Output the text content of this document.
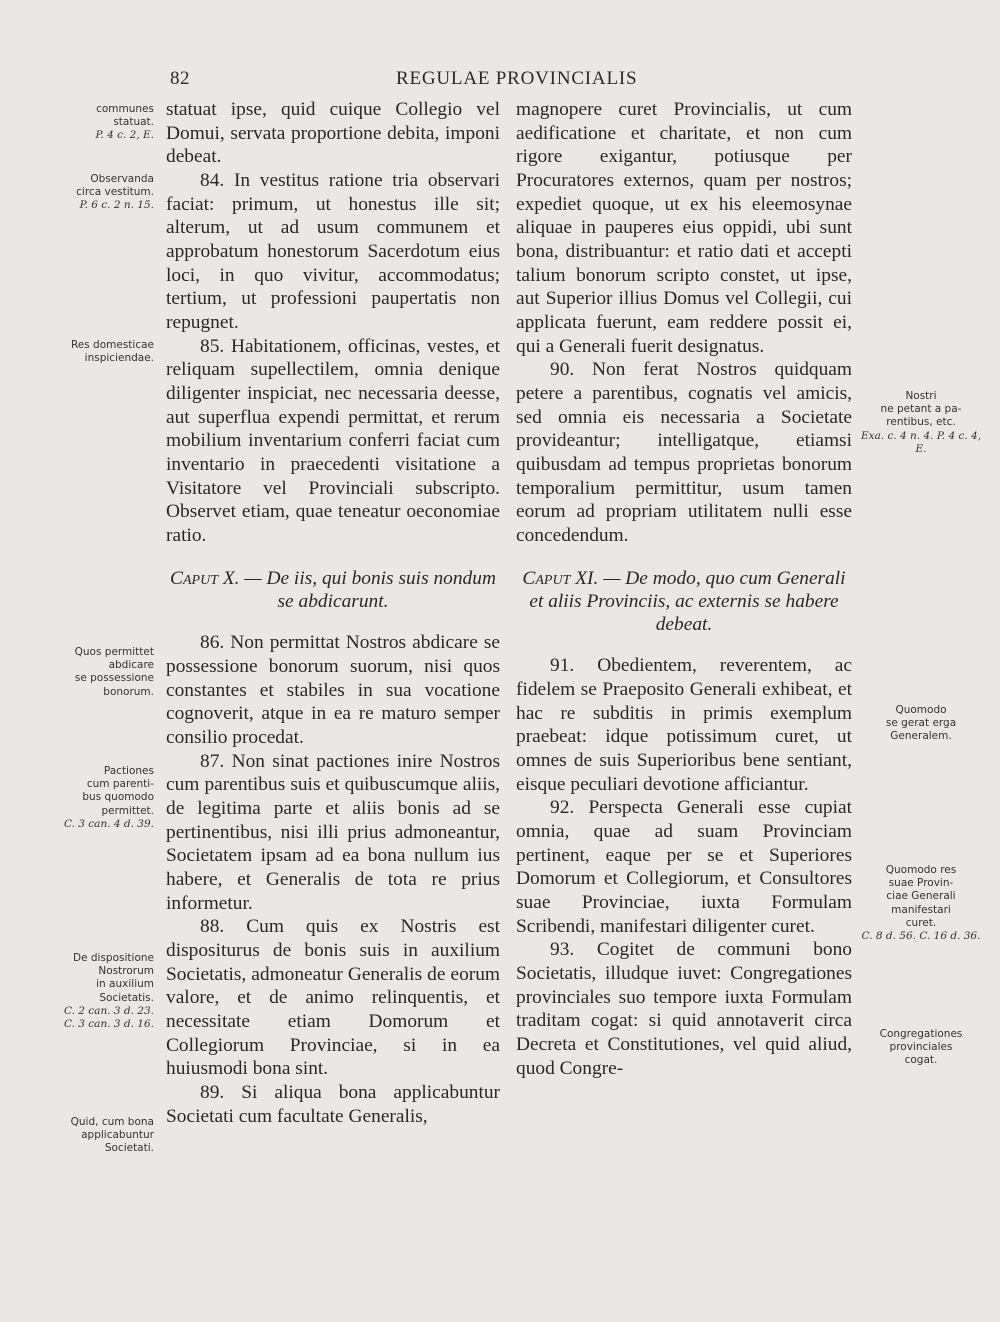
82	REGULAE PROVINCIALIS
communes
statuat.
P. 4 c. 2, E.
Observanda
circa vestitum.
P. 6 c. 2 n. 15.
Res domesticae
inspiciendae.
Quos permittet
abdicare
se possessione
bonorum.
Pactiones
cum parenti-
bus quomodo
permittet.
C. 3 can. 4 d. 39.
De dispositione
Nostrorum
in auxilium
Societatis.
C. 2 can. 3 d. 23. C. 3 can. 3 d. 16.
Quid, cum bona
applicabuntur
Societati.
Nostri
ne petant a pa-
rentibus, etc.
Exa. c. 4 n. 4. P. 4 c. 4, E.
Quomodo
se gerat erga
Generalem.
Quomodo res
suae Provin-
ciae Generali
manifestari
curet.
C. 8 d. 56. C. 16 d. 36.
Congregationes
provinciales
cogat.

statuat ipse, quid cuique Collegio vel Domui, servata proportione debita, imponi debeat.

84. In vestitus ratione tria observari faciat: primum, ut honestus ille sit; alterum, ut ad usum communem et approbatum honestorum Sacerdotum eius loci, in quo vivitur, accommodatus; tertium, ut professioni paupertatis non repugnet.

85. Habitationem, officinas, vestes, et reliquam supellectilem, omnia denique diligenter inspiciat, nec necessaria deesse, aut superflua expendi permittat, et rerum mobilium inventarium conferri faciat cum inventario in praecedenti visitatione a Visitatore vel Provinciali subscripto. Observet etiam, quae teneatur oeconomiae ratio.

Caput X. — De iis, qui bonis suis nondum se abdicarunt.

86. Non permittat Nostros abdicare se possessione bonorum suorum, nisi quos constantes et stabiles in sua vocatione cognoverit, atque in ea re maturo semper consilio procedat.

87. Non sinat pactiones inire Nostros cum parentibus suis et quibuscumque aliis, de legitima parte et aliis bonis ad se pertinentibus, nisi illi prius admoneantur, Societatem ipsam ad ea bona nullum ius habere, et Generalis de tota re prius informetur.

88. Cum quis ex Nostris est dispositurus de bonis suis in auxilium Societatis, admoneatur Generalis de eorum valore, et de animo relinquentis, et necessitate etiam Domorum et Collegiorum Provinciae, si in ea huiusmodi bona sint.

89. Si aliqua bona applicabuntur Societati cum facultate Generalis,

magnopere curet Provincialis, ut cum aedificatione et charitate, et non cum rigore exigantur, potiusque per Procuratores externos, quam per nostros; expediet quoque, ut ex his eleemosynae aliquae in pauperes eius oppidi, ubi sunt bona, distribuantur: et ratio dati et accepti talium bonorum scripto constet, ut ipse, aut Superior illius Domus vel Collegii, cui applicata fuerunt, eam reddere possit ei, qui a Generali fuerit designatus.

90. Non ferat Nostros quidquam petere a parentibus, cognatis vel amicis, sed omnia eis necessaria a Societate provideantur; intelligatque, etiamsi quibusdam ad tempus proprietas bonorum temporalium permittitur, usum tamen eorum ad propriam utilitatem nulli esse concedendum.

Caput XI. — De modo, quo cum Generali et aliis Provinciis, ac externis se habere debeat.

91. Obedientem, reverentem, ac fidelem se Praeposito Generali exhibeat, et hac re subditis in primis exemplum praebeat: idque potissimum curet, ut omnes de suis Superioribus bene sentiant, eisque peculiari devotione afficiantur.

92. Perspecta Generali esse cupiat omnia, quae ad suam Provinciam pertinent, eaque per se et Superiores Domorum et Collegiorum, et Consultores suae Provinciae, iuxta Formulam Scribendi, manifestari diligenter curet.

93. Cogitet de communi bono Societatis, illudque iuvet: Congregationes provinciales suo tempore iuxta Formulam traditam cogat: si quid annotaverit circa Decreta et Constitutiones, vel quid aliud, quod Congre-
